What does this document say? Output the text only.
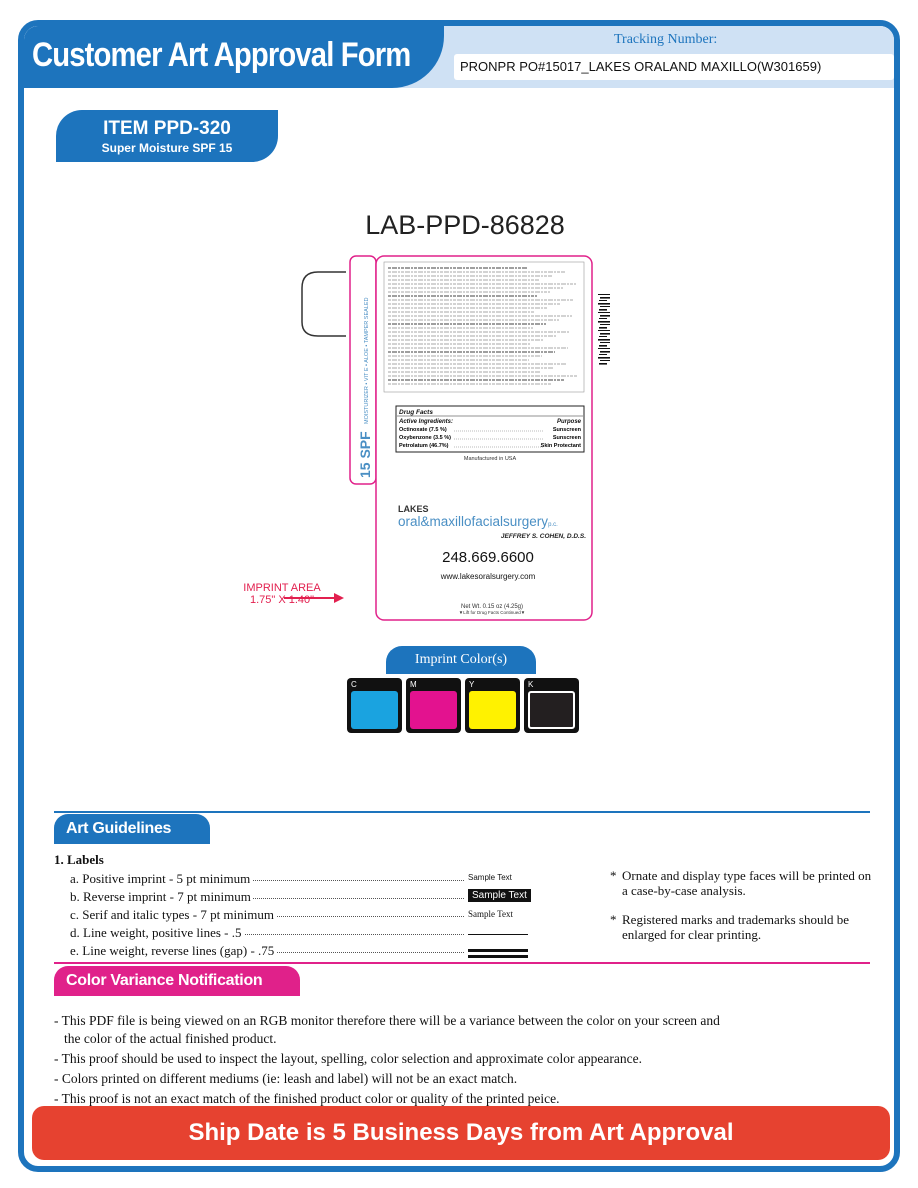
Customer Art Approval Form	Tracking Number:
PRONPR PO#15017_LAKES ORALAND MAXILLO(W301659)
ITEM PPD-320
Super Moisture SPF 15
LAB-PPD-86828
MOISTURIZER • VIT E • ALOE • TAMPER SEALED
15 SPF
Drug Facts
Active Ingredients:	Purpose
Octinoxate (7.5 %)	Sunscreen
Oxybenzone (3.5 %)	Sunscreen
Petrolatum (46.7%)	Skin Protectant
Manufactured in USA
LAKES
oral&maxillofacialsurgeryp.c.
JEFFREY S. COHEN, D.D.S.
248.669.6600
www.lakesoralsurgery.com
Net Wt. 0.15 oz (4.25g)
▼Lift for Drug Facts Continued▼
IMPRINT AREA
1.75" X 1.40"
Imprint Color(s)
C	M	Y	K
Art Guidelines
1. Labels
a. Positive imprint - 5 pt minimum	Sample Text
b. Reverse imprint - 7 pt minimum	Sample Text
c. Serif and italic types - 7 pt minimum	Sample Text
d. Line weight, positive lines - .5
e. Line weight, reverse lines (gap) - .75
* Ornate and display type faces will be printed on a case-by-case analysis.
* Registered marks and trademarks should be enlarged for clear printing.
Color Variance Notification
- This PDF file is being viewed on an RGB monitor therefore there will be a variance between the color on your screen and the color of the actual finished product.
- This proof should be used to inspect the layout, spelling, color selection and approximate color appearance.
- Colors printed on different mediums (ie: leash and label) will not be an exact match.
- This proof is not an exact match of the finished product color or quality of the printed peice.
Ship Date is 5 Business Days from Art Approval
